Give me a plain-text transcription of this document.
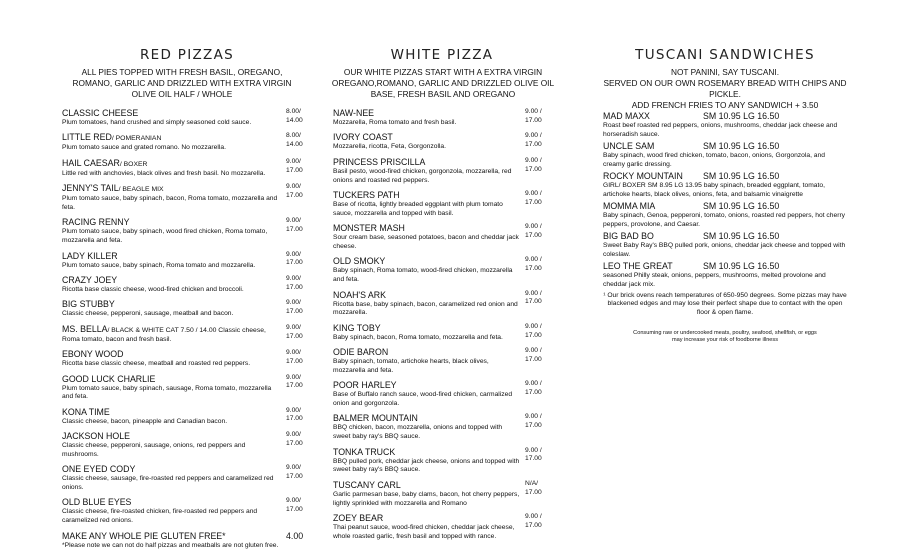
RED PIZZAS
ALL PIES TOPPED WITH FRESH BASIL, OREGANO, ROMANO, GARLIC AND DRIZZLED WITH EXTRA VIRGIN OLIVE OIL HALF / WHOLE
CLASSIC CHEESE
Plum tomatoes, hand crushed and simply seasoned cold sauce.
8.00/ 14.00
LITTLE RED/ POMERANIAN
Plum tomato sauce and grated romano. No mozzarella.
8.00/ 14.00
HAIL CAESAR/ BOXER
Little red with anchovies, black olives and fresh basil. No mozzarella.
9.00/ 17.00
JENNY'S TAIL/ BEAGLE MIX
Plum tomato sauce, baby spinach, bacon, Roma tomato, mozzarella and feta.
9.00/ 17.00
RACING RENNY
Plum tomato sauce, baby spinach, wood fired chicken, Roma tomato, mozzarella and feta.
9.00/ 17.00
LADY KILLER
Plum tomato sauce, baby spinach, Roma tomato and mozzarella.
9.00/ 17.00
CRAZY JOEY
Ricotta base classic cheese, wood-fired chicken and broccoli.
9.00/ 17.00
BIG STUBBY
Classic cheese, pepperoni, sausage, meatball and bacon.
9.00/ 17.00
MS. BELLA/ BLACK & WHITE CAT 7.50 / 14.00 Classic cheese,
Roma tomato, bacon and fresh basil.
9.00/ 17.00
EBONY WOOD
Ricotta base classic cheese, meatball and roasted red peppers.
9.00/ 17.00
GOOD LUCK CHARLIE
Plum tomato sauce, baby spinach, sausage, Roma tomato, mozzarella and feta.
9.00/ 17.00
KONA TIME
Classic cheese, bacon, pineapple and Canadian bacon.
9.00/ 17.00
JACKSON HOLE
Classic cheese, pepperoni, sausage, onions, red peppers and mushrooms.
9.00/ 17.00
ONE EYED CODY
Classic cheese, sausage, fire-roasted red peppers and caramelized red onions.
9.00/ 17.00
OLD BLUE EYES
Classic cheese, fire-roasted chicken, fire-roasted red peppers and caramelized red onions.
9.00/ 17.00
MAKE ANY WHOLE PIE GLUTEN FREE*	4.00
*Please note we can not do half pizzas and meatballs are not gluten free.
WHITE PIZZA
OUR WHITE PIZZAS START WITH A EXTRA VIRGIN OREGANO,ROMANO, GARLIC AND DRIZZLED OLIVE OIL BASE, FRESH BASIL AND OREGANO
NAW-NEE
Mozzarella, Roma tomato and fresh basil.
9.00 / 17.00
IVORY COAST
Mozzarella, ricotta, Feta, Gorgonzolla.
9.00 / 17.00
PRINCESS PRISCILLA
Basil pesto, wood-fired chicken, gorgonzola, mozzarella, red onions and roasted red peppers.
9.00 / 17.00
TUCKERS PATH
Base of ricotta, lightly breaded eggplant with plum tomato sauce, mozzarella and topped with basil.
9.00 / 17.00
MONSTER MASH
Sour cream base, seasoned potatoes, bacon and cheddar jack cheese.
9.00 / 17.00
OLD SMOKY
Baby spinach, Roma tomato, wood-fired chicken, mozzarella and feta.
9.00 / 17.00
NOAH'S ARK
Ricotta base, baby spinach, bacon, caramelized red onion and mozzarella.
9.00 / 17.00
KING TOBY
Baby spinach, bacon, Roma tomato, mozzarella and feta.
9.00 / 17.00
ODIE BARON
Baby spinach, tomato, artichoke hearts, black olives, mozzarella and feta.
9.00 / 17.00
POOR HARLEY
Base of Buffalo ranch sauce, wood-fired chicken, carmalized onion and gorgonzola.
9.00 / 17.00
BALMER MOUNTAIN
BBQ chicken, bacon, mozzarella, onions and topped with sweet baby ray's BBQ sauce.
9.00 / 17.00
TONKA TRUCK
BBQ pulled pork, cheddar jack cheese, onions and topped with sweet baby ray's BBQ sauce.
9.00 / 17.00
TUSCANY CARL
Garlic parmesan base, baby clams, bacon, hot cherry peppers, lightly sprinkled with mozzarella and Romano
N/A/ 17.00
ZOEY BEAR
Thai peanut sauce, wood-fired chicken, cheddar jack cheese, whole roasted garlic, fresh basil and topped with rance.
9.00 / 17.00
TUSCANI SANDWICHES
NOT PANINI, SAY TUSCANI.
SERVED ON OUR OWN ROSEMARY BREAD WITH CHIPS AND PICKLE.
ADD FRENCH FRIES TO ANY SANDWICH + 3.50
MAD MAXX	SM 10.95 LG 16.50
Roast beef roasted red peppers, onions, mushrooms, cheddar jack cheese and horseradish sauce.
UNCLE SAM	SM 10.95 LG 16.50
Baby spinach, wood fired chicken, tomato, bacon, onions, Gorgonzola, and creamy garlic dressing.
ROCKY MOUNTAIN	SM 10.95 LG 16.50
GIRL/ BOXER SM 8.95 LG 13.95 baby spinach, breaded eggplant, tomato, artichoke hearts, black olives, onions, feta, and balsamic vinaigrette
MOMMA MIA	SM 10.95 LG 16.50
Baby spinach, Genoa, pepperoni, tomato, onions, roasted red peppers, hot cherry peppers, provolone, and Caesar.
BIG BAD BO	SM 10.95 LG 16.50
Sweet Baby Ray's BBQ pulled pork, onions, cheddar jack cheese and topped with coleslaw.
LEO THE GREAT	SM 10.95 LG 16.50
seasoned Philly steak, onions, peppers, mushrooms, melted provolone and cheddar jack mix.
¹ Our brick ovens reach temperatures of 650-950 degrees. Some pizzas may have blackened edges and may lose their perfect shape due to contact with the open floor & open flame.
Consuming raw or undercooked meats, poultry, seafood, shellfish, or eggs
may increase your risk of foodborne illness
